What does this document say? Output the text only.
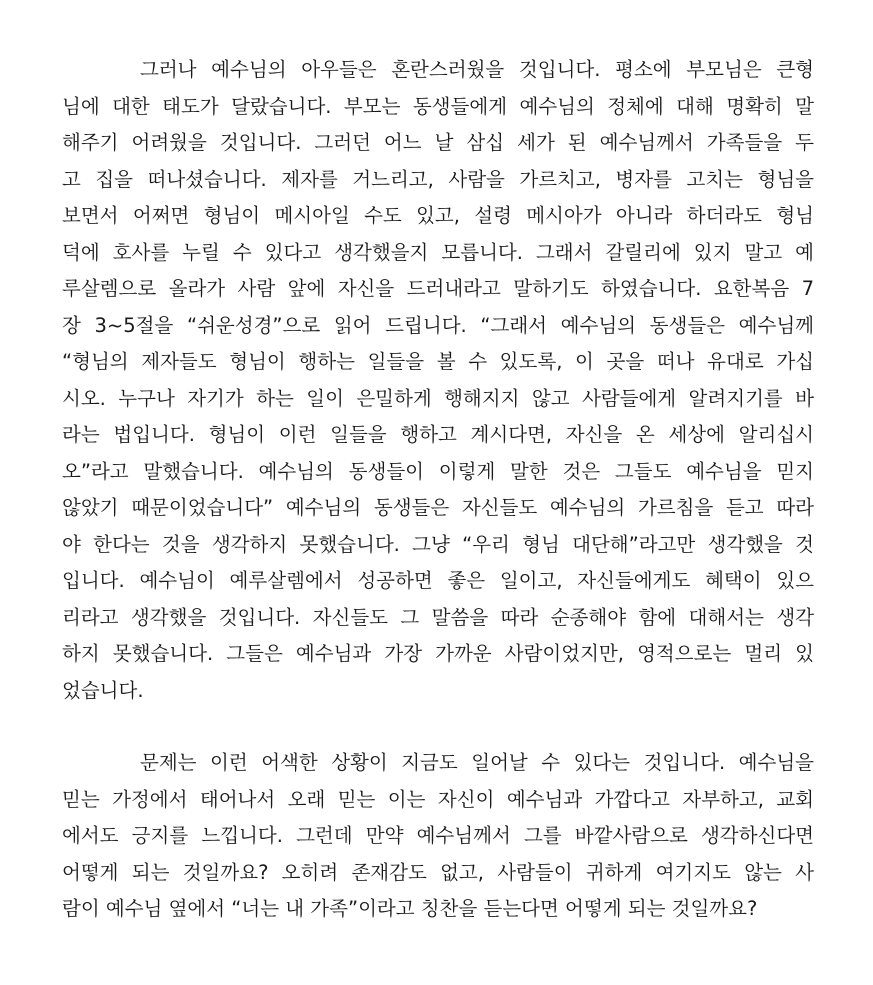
그러나 예수님의 아우들은 혼란스러웠을 것입니다. 평소에 부모님은 큰형
님에 대한 태도가 달랐습니다. 부모는 동생들에게 예수님의 정체에 대해 명확히 말
해주기 어려웠을 것입니다. 그러던 어느 날 삼십 세가 된 예수님께서 가족들을 두
고 집을 떠나셨습니다. 제자를 거느리고, 사람을 가르치고, 병자를 고치는 형님을
보면서 어쩌면 형님이 메시아일 수도 있고, 설령 메시아가 아니라 하더라도 형님
덕에 호사를 누릴 수 있다고 생각했을지 모릅니다. 그래서 갈릴리에 있지 말고 예
루살렘으로 올라가 사람 앞에 자신을 드러내라고 말하기도 하였습니다. 요한복음 7
장 3~5절을 “쉬운성경”으로 읽어 드립니다. “그래서 예수님의 동생들은 예수님께
“형님의 제자들도 형님이 행하는 일들을 볼 수 있도록, 이 곳을 떠나 유대로 가십
시오. 누구나 자기가 하는 일이 은밀하게 행해지지 않고 사람들에게 알려지기를 바
라는 법입니다. 형님이 이런 일들을 행하고 계시다면, 자신을 온 세상에 알리십시
오”라고 말했습니다. 예수님의 동생들이 이렇게 말한 것은 그들도 예수님을 믿지
않았기 때문이었습니다” 예수님의 동생들은 자신들도 예수님의 가르침을 듣고 따라
야 한다는 것을 생각하지 못했습니다. 그냥 “우리 형님 대단해”라고만 생각했을 것
입니다. 예수님이 예루살렘에서 성공하면 좋은 일이고, 자신들에게도 혜택이 있으
리라고 생각했을 것입니다. 자신들도 그 말씀을 따라 순종해야 함에 대해서는 생각
하지 못했습니다. 그들은 예수님과 가장 가까운 사람이었지만, 영적으로는 멀리 있
었습니다.

문제는 이런 어색한 상황이 지금도 일어날 수 있다는 것입니다. 예수님을
믿는 가정에서 태어나서 오래 믿는 이는 자신이 예수님과 가깝다고 자부하고, 교회
에서도 긍지를 느낍니다. 그런데 만약 예수님께서 그를 바깥사람으로 생각하신다면
어떻게 되는 것일까요? 오히려 존재감도 없고, 사람들이 귀하게 여기지도 않는 사
람이 예수님 옆에서 “너는 내 가족”이라고 칭찬을 듣는다면 어떻게 되는 것일까요?
